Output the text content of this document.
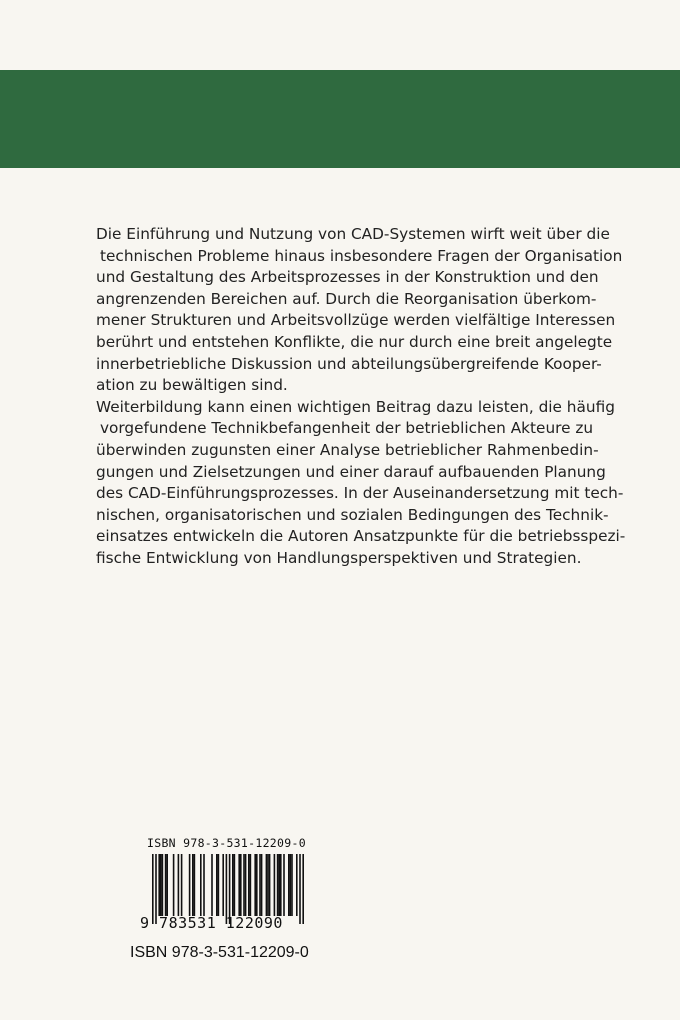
Die Einführung und Nutzung von CAD-Systemen wirft weit über die
technischen Probleme hinaus insbesondere Fragen der Organisation
und Gestaltung des Arbeitsprozesses in der Konstruktion und den
angrenzenden Bereichen auf. Durch die Reorganisation überkom-
mener Strukturen und Arbeitsvollzüge werden vielfältige Interessen
berührt und entstehen Konflikte, die nur durch eine breit angelegte
innerbetriebliche Diskussion und abteilungsübergreifende Kooper-
ation zu bewältigen sind.
Weiterbildung kann einen wichtigen Beitrag dazu leisten, die häufig
vorgefundene Technikbefangenheit der betrieblichen Akteure zu
überwinden zugunsten einer Analyse betrieblicher Rahmenbedin-
gungen und Zielsetzungen und einer darauf aufbauenden Planung
des CAD-Einführungsprozesses. In der Auseinandersetzung mit tech-
nischen, organisatorischen und sozialen Bedingungen des Technik-
einsatzes entwickeln die Autoren Ansatzpunkte für die betriebsspezi-
fische Entwicklung von Handlungsperspektiven und Strategien.
ISBN 978-3-531-12209-0
9 783531 122090
ISBN 978-3-531-12209-0
